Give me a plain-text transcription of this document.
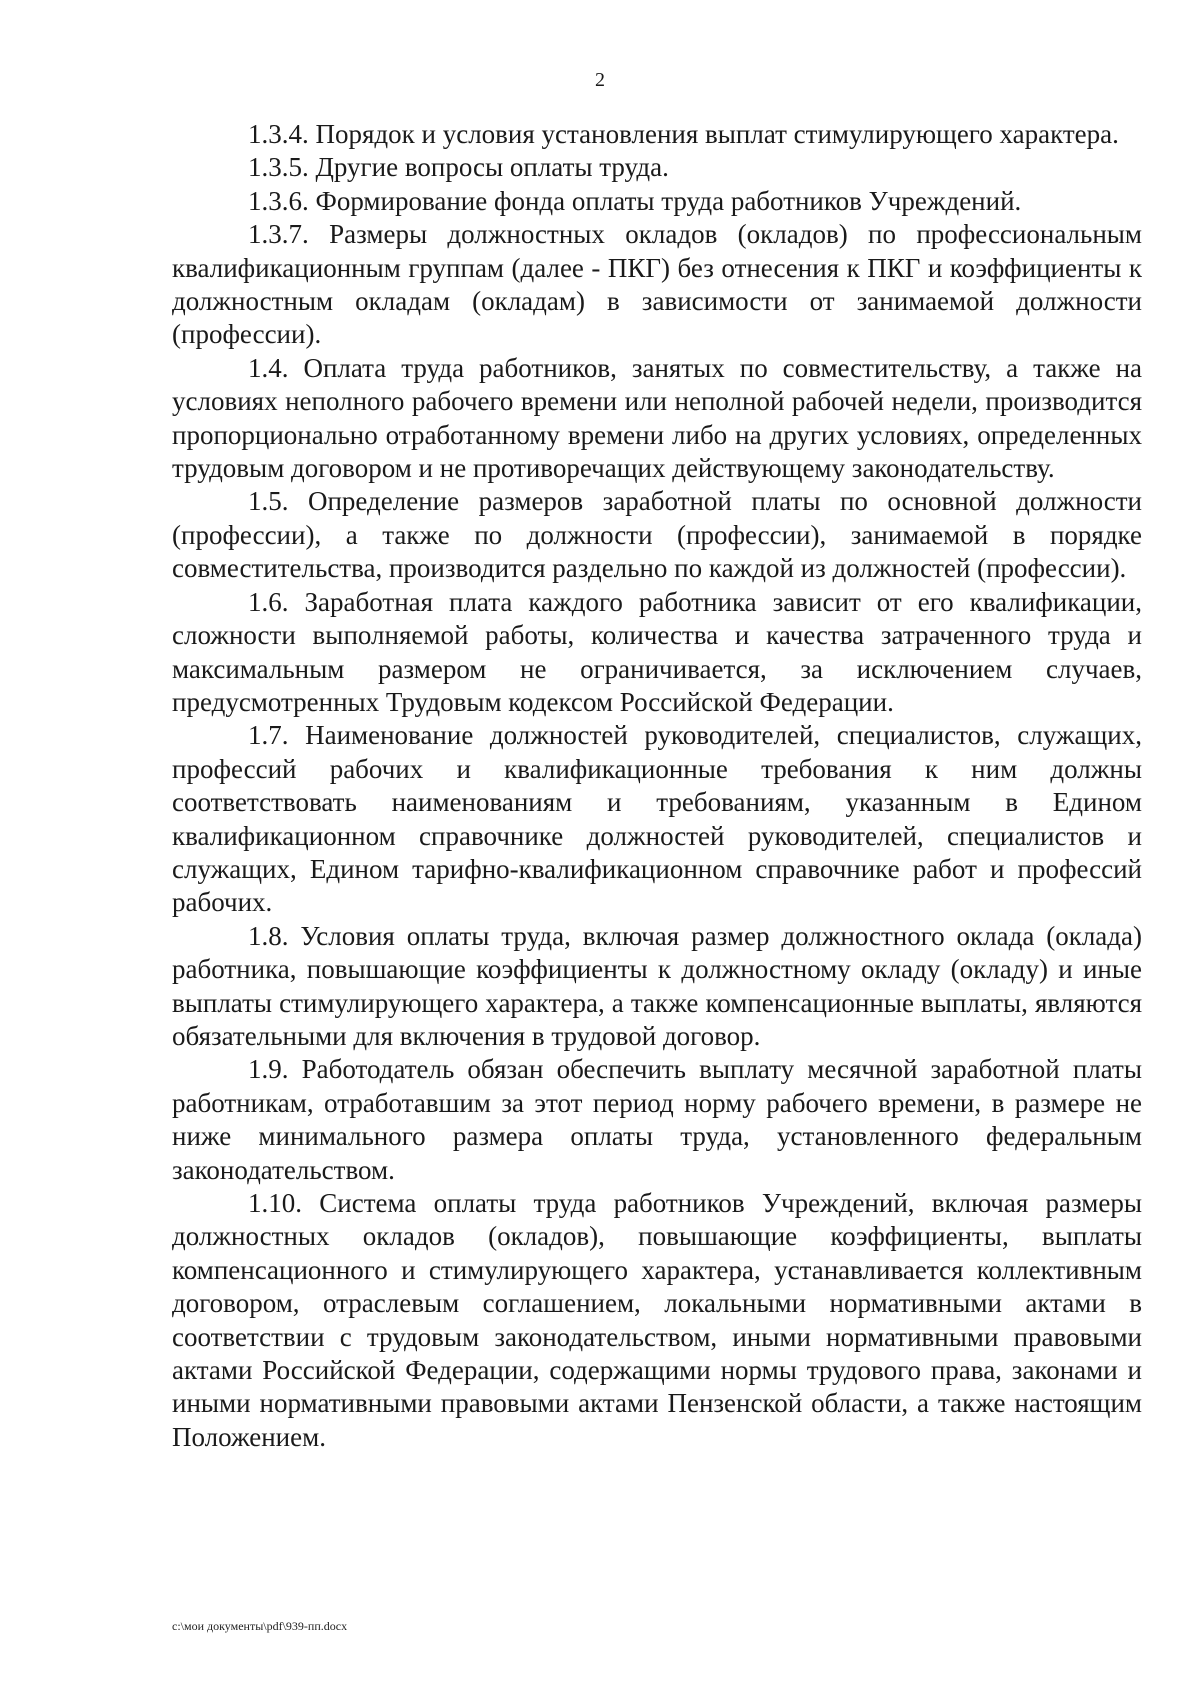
2

1.3.4. Порядок и условия установления выплат стимулирующего характера.

1.3.5. Другие вопросы оплаты труда.

1.3.6. Формирование фонда оплаты труда работников Учреждений.

1.3.7. Размеры должностных окладов (окладов) по профессиональным квалификационным группам (далее - ПКГ) без отнесения к ПКГ и коэффициенты к должностным окладам (окладам) в зависимости от занимаемой должности (профессии).

1.4. Оплата труда работников, занятых по совместительству, а также на условиях неполного рабочего времени или неполной рабочей недели, производится пропорционально отработанному времени либо на других условиях, определенных трудовым договором и не противоречащих действующему законодательству.

1.5. Определение размеров заработной платы по основной должности (профессии), а также по должности (профессии), занимаемой в порядке совместительства, производится раздельно по каждой из должностей (профессии).

1.6. Заработная плата каждого работника зависит от его квалификации, сложности выполняемой работы, количества и качества затраченного труда и максимальным размером не ограничивается, за исключением случаев, предусмотренных Трудовым кодексом Российской Федерации.

1.7. Наименование должностей руководителей, специалистов, служащих, профессий рабочих и квалификационные требования к ним должны соответствовать наименованиям и требованиям, указанным в Едином квалификационном справочнике должностей руководителей, специалистов и служащих, Едином тарифно-квалификационном справочнике работ и профессий рабочих.

1.8. Условия оплаты труда, включая размер должностного оклада (оклада) работника, повышающие коэффициенты к должностному окладу (окладу) и иные выплаты стимулирующего характера, а также компенсационные выплаты, являются обязательными для включения в трудовой договор.

1.9. Работодатель обязан обеспечить выплату месячной заработной платы работникам, отработавшим за этот период норму рабочего времени, в размере не ниже минимального размера оплаты труда, установленного федеральным законодательством.

1.10. Система оплаты труда работников Учреждений, включая размеры должностных окладов (окладов), повышающие коэффициенты, выплаты компенсационного и стимулирующего характера, устанавливается коллективным договором, отраслевым соглашением, локальными нормативными актами в соответствии с трудовым законодательством, иными нормативными правовыми актами Российской Федерации, содержащими нормы трудового права, законами и иными нормативными правовыми актами Пензенской области, а также настоящим Положением.

c:\мои документы\pdf\939-пп.docx
